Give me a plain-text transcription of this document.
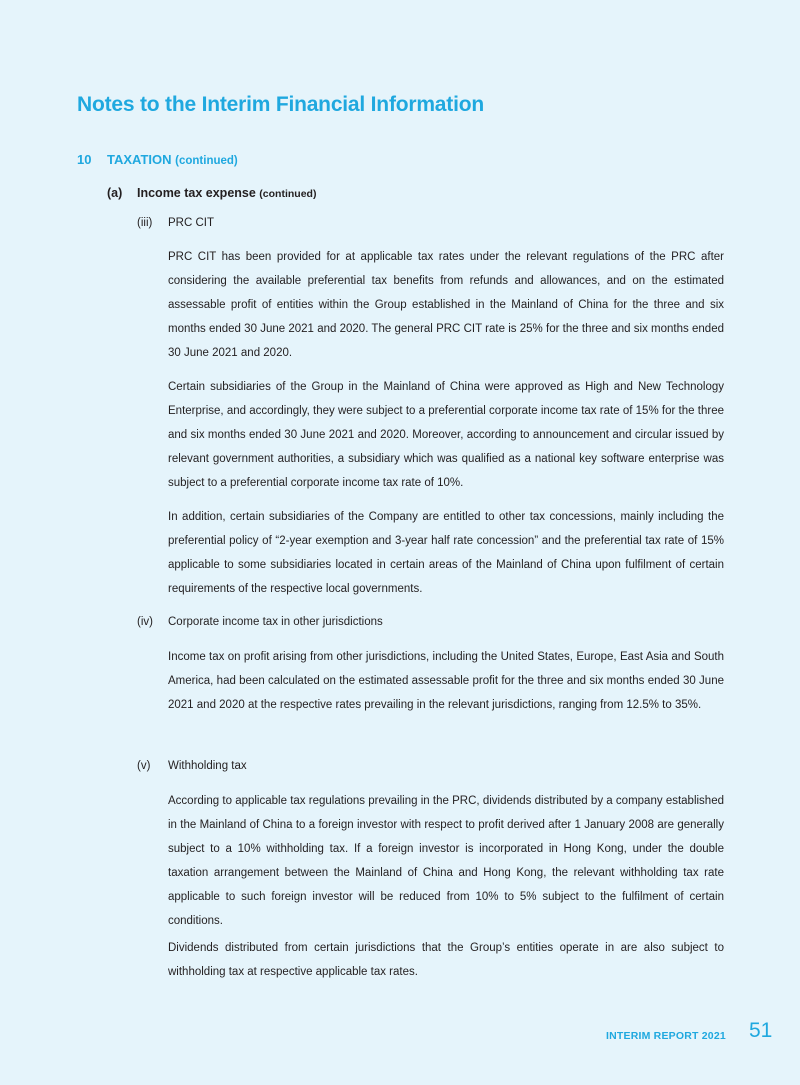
Notes to the Interim Financial Information
10 TAXATION (continued)
(a) Income tax expense (continued)
(iii) PRC CIT
PRC CIT has been provided for at applicable tax rates under the relevant regulations of the PRC after considering the available preferential tax benefits from refunds and allowances, and on the estimated assessable profit of entities within the Group established in the Mainland of China for the three and six months ended 30 June 2021 and 2020. The general PRC CIT rate is 25% for the three and six months ended 30 June 2021 and 2020.
Certain subsidiaries of the Group in the Mainland of China were approved as High and New Technology Enterprise, and accordingly, they were subject to a preferential corporate income tax rate of 15% for the three and six months ended 30 June 2021 and 2020. Moreover, according to announcement and circular issued by relevant government authorities, a subsidiary which was qualified as a national key software enterprise was subject to a preferential corporate income tax rate of 10%.
In addition, certain subsidiaries of the Company are entitled to other tax concessions, mainly including the preferential policy of “2-year exemption and 3-year half rate concession” and the preferential tax rate of 15% applicable to some subsidiaries located in certain areas of the Mainland of China upon fulfilment of certain requirements of the respective local governments.
(iv) Corporate income tax in other jurisdictions
Income tax on profit arising from other jurisdictions, including the United States, Europe, East Asia and South America, had been calculated on the estimated assessable profit for the three and six months ended 30 June 2021 and 2020 at the respective rates prevailing in the relevant jurisdictions, ranging from 12.5% to 35%.
(v) Withholding tax
According to applicable tax regulations prevailing in the PRC, dividends distributed by a company established in the Mainland of China to a foreign investor with respect to profit derived after 1 January 2008 are generally subject to a 10% withholding tax. If a foreign investor is incorporated in Hong Kong, under the double taxation arrangement between the Mainland of China and Hong Kong, the relevant withholding tax rate applicable to such foreign investor will be reduced from 10% to 5% subject to the fulfilment of certain conditions.
Dividends distributed from certain jurisdictions that the Group’s entities operate in are also subject to withholding tax at respective applicable tax rates.
INTERIM REPORT 2021 51
